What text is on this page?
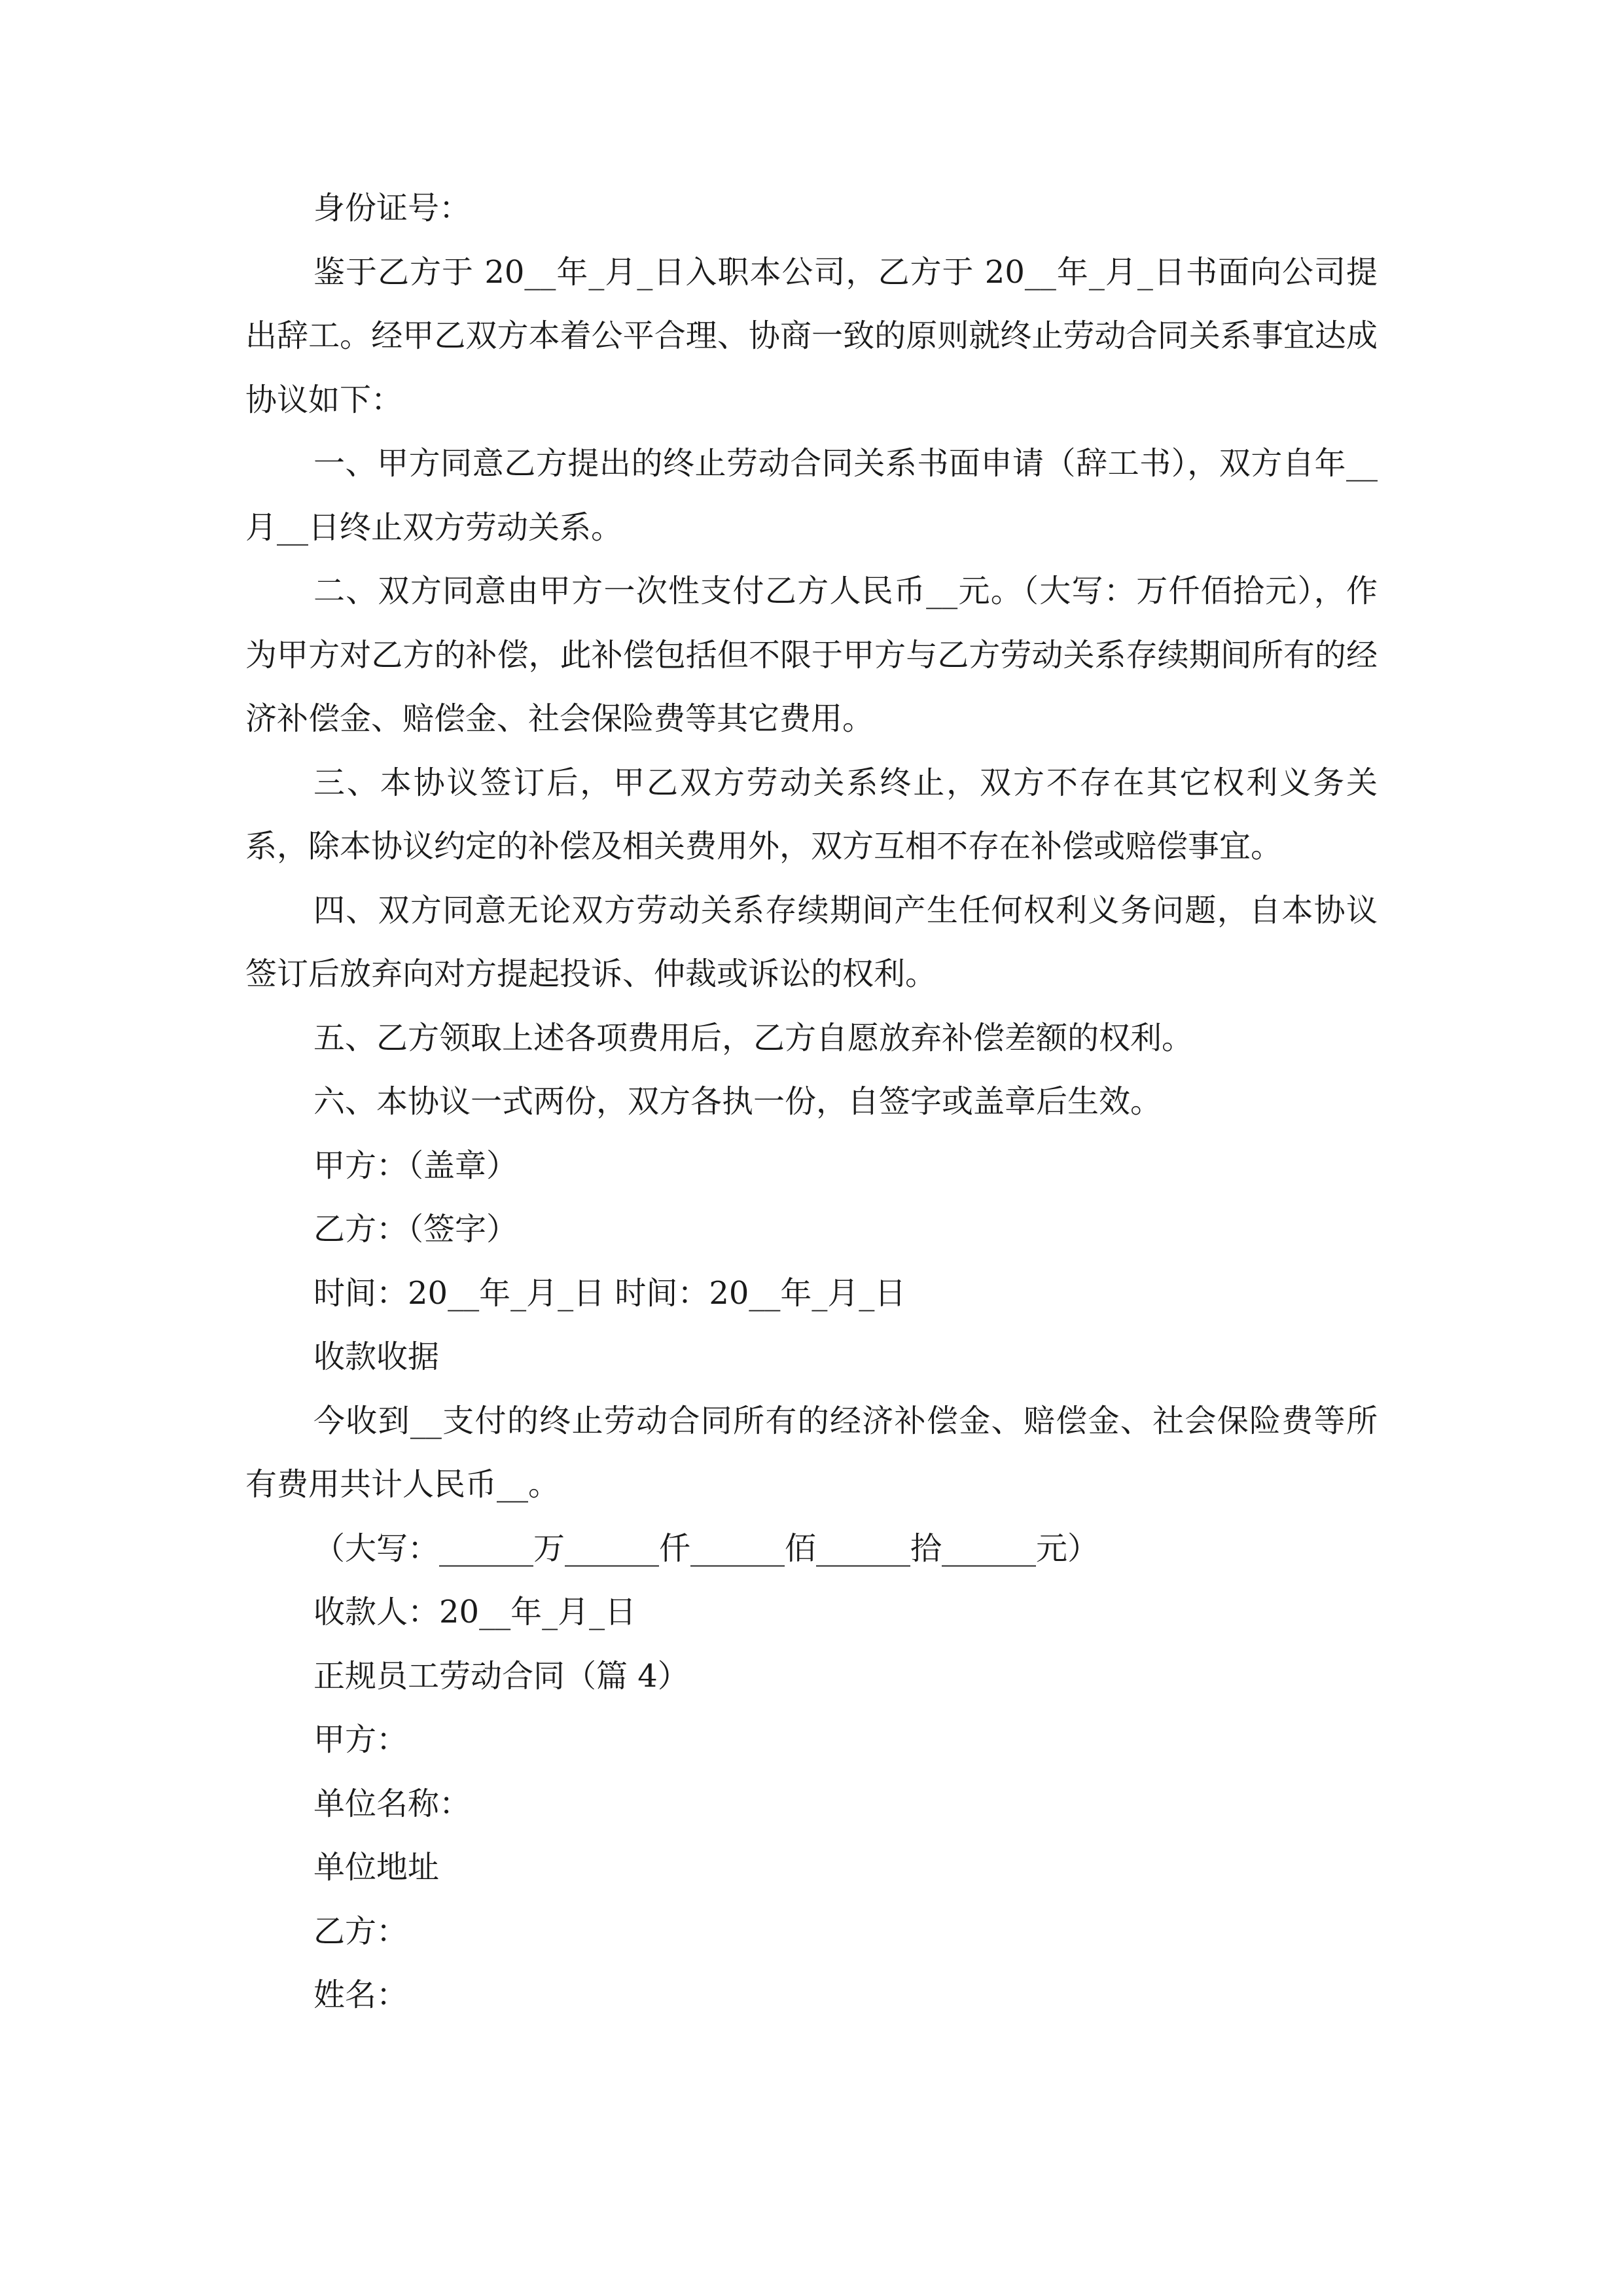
身份证号：

鉴于乙方于 20__年_月_日入职本公司，乙方于 20__年_月_日书面向公司提出辞工。经甲乙双方本着公平合理、协商一致的原则就终止劳动合同关系事宜达成协议如下：

一、甲方同意乙方提出的终止劳动合同关系书面申请（辞工书），双方自年__月__日终止双方劳动关系。

二、双方同意由甲方一次性支付乙方人民币__元。（大写：万仟佰拾元），作为甲方对乙方的补偿，此补偿包括但不限于甲方与乙方劳动关系存续期间所有的经济补偿金、赔偿金、社会保险费等其它费用。

三、本协议签订后，甲乙双方劳动关系终止，双方不存在其它权利义务关系，除本协议约定的补偿及相关费用外，双方互相不存在补偿或赔偿事宜。

四、双方同意无论双方劳动关系存续期间产生任何权利义务问题，自本协议签订后放弃向对方提起投诉、仲裁或诉讼的权利。

五、乙方领取上述各项费用后，乙方自愿放弃补偿差额的权利。

六、本协议一式两份，双方各执一份，自签字或盖章后生效。

甲方：（盖章）

乙方：（签字）

时间：20__年_月_日 时间：20__年_月_日

收款收据

今收到__支付的终止劳动合同所有的经济补偿金、赔偿金、社会保险费等所有费用共计人民币__。

（大写：______万______仟______佰______拾______元）

收款人：20__年_月_日

正规员工劳动合同（篇 4）

甲方：

单位名称：

单位地址

乙方：

姓名：
